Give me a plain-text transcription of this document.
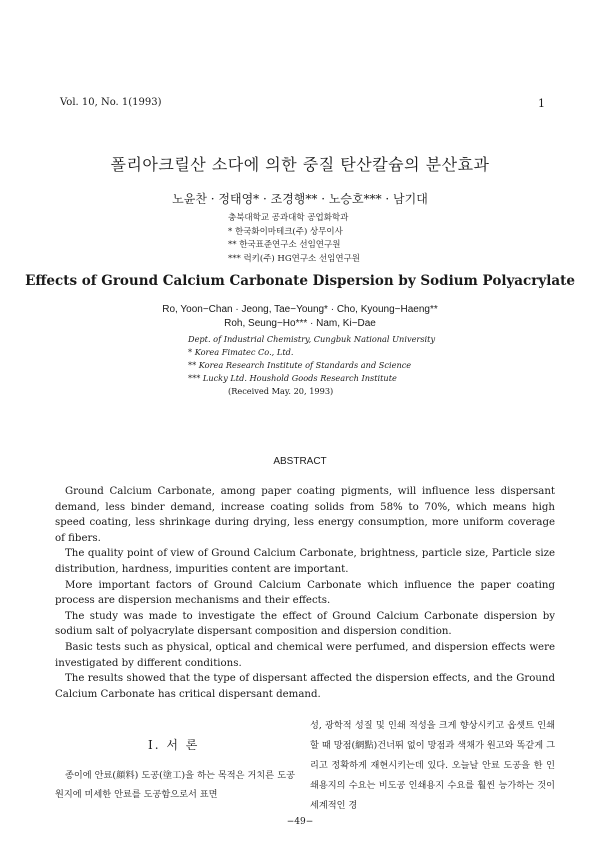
Vol. 10, No. 1(1993)	1
폴리아크릴산 소다에 의한 중질 탄산칼슘의 분산효과
노윤찬 · 정태영* · 조경행** · 노승호*** · 남기대
충북대학교 공과대학 공업화학과
* 한국화이마테크(주) 상무이사
** 한국표준연구소 선임연구원
*** 럭키(주) HG연구소 선임연구원
Effects of Ground Calcium Carbonate Dispersion by Sodium Polyacrylate
Ro, Yoon−Chan · Jeong, Tae−Young* · Cho, Kyoung−Haeng**
Roh, Seung−Ho*** · Nam, Ki−Dae
Dept. of Industrial Chemistry, Cungbuk National University
* Korea Fimatec Co., Ltd.
** Korea Research Institute of Standards and Science
*** Lucky Ltd. Houshold Goods Research Institute
(Received May. 20, 1993)
ABSTRACT

Ground Calcium Carbonate, among paper coating pigments, will influence less dispersant demand, less binder demand, increase coating solids from 58% to 70%, which means high speed coating, less shrinkage during drying, less energy consumption, more uniform coverage of fibers.

The quality point of view of Ground Calcium Carbonate, brightness, particle size, Particle size distribution, hardness, impurities content are important.

More important factors of Ground Calcium Carbonate which influence the paper coating process are dispersion mechanisms and their effects.

The study was made to investigate the effect of Ground Calcium Carbonate dispersion by sodium salt of polyacrylate dispersant composition and dispersion condition.

Basic tests such as physical, optical and chemical were perfumed, and dispersion effects were investigated by different conditions.

The results showed that the type of dispersant affected the dispersion effects, and the Ground Calcium Carbonate has critical dispersant demand.

I. 서 론

종이에 안료(顔料) 도공(塗工)을 하는 목적은 거치른 도공 원지에 미세한 안료를 도공함으로서 표면

성, 광학적 성질 및 인쇄 적성을 크게 향상시키고 옵셋트 인쇄할 때 망점(網點)건너뛰 없이 망점과 색채가 원고와 똑같게 그리고 정확하게 재현시키는데 있다. 오늘날 안료 도공을 한 인쇄용지의 수요는 비도공 인쇄용지 수요를 훨씬 능가하는 것이 세계적인 경

−49−
